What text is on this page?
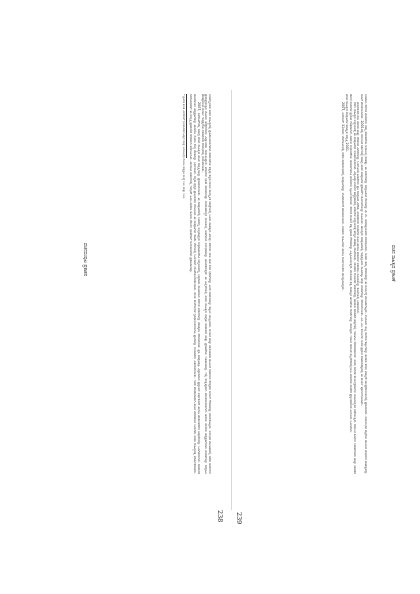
ವಚನಸಂಪುಟ ಪ್ರಕಾಶನ	ಬಸವಣ್ಣನವರ ವಚನ ಸಾಹಿತ್ಯದಲ್ಲಿ ಪ್ರತಿಪಾದಿಸಲಾಗಿರುವ ಸಮಾನತೆಯ ತತ್ವವು ಕನ್ನಡ ನಾಡಿನ ಸಾಂಸ್ಕೃತಿಕ ಚರಿತ್ರೆಯಲ್ಲಿ ಒಂದು ಮಹತ್ವದ ತಿರುವು. ಶರಣರು ಜಾತಿ ಮತ ಲಿಂಗ ಭೇದಗಳನ್ನು ಮೀರಿ ಸಮಾಜವನ್ನು ಕಟ್ಟಲು ಯತ್ನಿಸಿದರು. ಕಾಯಕ ಮತ್ತು ದಾಸೋಹದ ಮೂಲಕ ಸಮಾಜದ ಕೆಳಸ್ತರದ ಜನರಿಗೆ ಗೌರವವನ್ನು ತಂದುಕೊಟ್ಟರು. ಅನುಭವ ಮಂಟಪದಲ್ಲಿ ನಡೆದ ಚರ್ಚೆಗಳು ಪ್ರಜಾಪ್ರಭುತ್ವದ ಮೊದಲ ಹೆಜ್ಜೆಗಳೆಂದು ವಿದ್ವಾಂಸರು ಗುರುತಿಸಿದ್ದಾರೆ. ವಚನಗಳ ಭಾಷೆ ಸರಳವಾಗಿದ್ದು ಜನಸಾಮಾನ್ಯರ ನುಡಿಯಲ್ಲಿ ಅಡಗಿರುವ ಅನುಭವವನ್ನು ಹೊರತರುತ್ತದೆ. ಈ ಹಿನ್ನೆಲೆಯಲ್ಲಿ ವಚನ ಸಾಹಿತ್ಯದ ಸಂಗ್ರಹ ಸಂಪಾದನೆ ಮತ್ತು ಪ್ರಕಟಣೆಯ ಇತಿಹಾಸವನ್ನು ಇಲ್ಲಿ ಸಂಕ್ಷಿಪ್ತವಾಗಿ ಪರಿಚಯಿಸಲಾಗಿದೆ. ಹಳೆಯ ತಾಳೆಗರಿ ಹಸ್ತಪ್ರತಿಗಳಿಂದ ವಚನಗಳನ್ನು ಸಂಗ್ರಹಿಸಿ ಪರಿಷ್ಕರಿಸುವ ಕಾರ್ಯ ಇಪ್ಪತ್ತನೆಯ ಶತಮಾನದ ಆರಂಭದಲ್ಲಿ ಶುರುವಾಯಿತು.

2007, ಡಿಸೆಂಬರ್‌ನಲ್ಲಿ ಸಮಗ್ರ ವಚನ ಸಾಹಿತ್ಯದ ಹೊಸ ಆವೃತ್ತಿಯನ್ನು ಪ್ರಕಟಿಸಲಾಯಿತು. ಈ ಸಂಪುಟಗಳಲ್ಲಿ ಬಸವಣ್ಣ ಅಲ್ಲಮಪ್ರಭು ಅಕ್ಕಮಹಾದೇವಿ ಚನ್ನಬಸವಣ್ಣ ಸಿದ್ಧರಾಮ ಮೊದಲಾದ ಶರಣರ ವಚನಗಳನ್ನು ಪರಿಷ್ಕರಿಸಿ ಸೇರಿಸಲಾಗಿದೆ. ಪ್ರತಿ ಸಂಪುಟಕ್ಕೂ ವಿಸ್ತಾರವಾದ ಪ್ರಸ್ತಾವನೆ ಅರ್ಥಕೋಶ ಹಾಗೂ ಪಾಠಾಂತರಗಳ ಟಿಪ್ಪಣಿಗಳನ್ನು ಒದಗಿಸಲಾಗಿದೆ. ಸಂಪಾದಕ ಮಂಡಳಿಯು ಹಸ್ತಪ್ರತಿಗಳನ್ನು ಹೋಲಿಸಿ ನೋಡಿ ಶುದ್ಧ ಪಾಠವನ್ನು ನಿರ್ಧರಿಸಿತು. ಕನ್ನಡ ಪುಸ್ತಕ ಪ್ರಾಧಿಕಾರದ ನೆರವಿನಿಂದ ಈ ಸಂಪುಟಗಳು ಕಡಿಮೆ ಬೆಲೆಯಲ್ಲಿ ಓದುಗರಿಗೆ ದೊರೆಯುವಂತಾಯಿತು. ಶಾಲಾ ಕಾಲೇಜುಗಳ ಗ್ರಂಥಾಲಯಗಳಿಗೂ ಪ್ರತಿಗಳನ್ನು ಉಚಿತವಾಗಿ ವಿತರಿಸಲಾಯಿತು. ಇದರ ಪರಿಣಾಮವಾಗಿ ಹೊಸ ತಲೆಮಾರಿನ ಓದುಗರು ವಚನ ಸಾಹಿತ್ಯದತ್ತ ಆಕರ್ಷಿತರಾದರು. ಸಂಶೋಧಕರಿಗೆ ಈ ಆವೃತ್ತಿ ಪ್ರಮಾಣಿತ ಆಕರವಾಗಿ ಪರಿಣಮಿಸಿತು. ಮುಂದಿನ ವರ್ಷಗಳಲ್ಲಿ ಇಂಗ್ಲಿಷ್ ಹಿಂದಿ ಮರಾಠಿ ತಮಿಳು ತೆಲುಗು ಭಾಷೆಗಳಿಗೆ ಅನುವಾದಗಳು ಪ್ರಕಟವಾದವು.

* ಪ್ರತಿಗಳ ಕುರಿತ ವಿವರಗಳಿಗೆ (ಸಂಪಾದಕರ ಟಿಪ್ಪಣಿ ಮತ್ತು ಅನುಬಂಧ) ನೋಡಿ; ಹಸ್ತಪ್ರತಿ ಸಂಖ್ಯೆ ೧೨೩ ಮತ್ತು ೧೨೪.

238
ವಚನ ಸಾಹಿತ್ಯದ ಪ್ರಕಟಣೆ

ಬಸವಾದಿ ಶರಣರ ವಚನಗಳು ನಮ್ಮ ಪರಂಪರೆಯ ಅಮೂಲ್ಯ ಸಂಪತ್ತು. ಈ ವಚನಗಳನ್ನು ಸಂಗ್ರಹಿಸುವ ಕೆಲಸವನ್ನು ಫ. ಗು. ಹಳಕಟ್ಟಿಯವರು ಆರಂಭಿಸಿದರು. ಅವರು ತಮ್ಮ ಜೀವನವನ್ನೇ ಈ ಕಾರ್ಯಕ್ಕೆ ಮುಡಿಪಾಗಿಟ್ಟರು. ಊರೂರು ಸುತ್ತಿ ತಾಳೆಗರಿ ಕಟ್ಟುಗಳನ್ನು ಹುಡುಕಿ ತಂದು ತಮ್ಮದೇ ಮುದ್ರಣಾಲಯದಲ್ಲಿ ಪ್ರಕಟಿಸಿದರು. ಶಿವಾನುಭವ ಪತ್ರಿಕೆಯ ಮೂಲಕ ವಚನಗಳ ಮಹತ್ವವನ್ನು ನಾಡಿಗೆ ಪರಿಚಯಿಸಿದರು. 2001ರಲ್ಲಿ ಕರ್ನಾಟಕ ಸರ್ಕಾರವು ಸಮಗ್ರ ವಚನ ಸಂಪುಟಗಳ ಪ್ರಕಟಣೆಗೆ ಯೋಜನೆಯನ್ನು ರೂಪಿಸಿತು. ಹದಿನೈದು ಸಂಪುಟಗಳಲ್ಲಿ ಇಪ್ಪತ್ತೊಂದು ಸಾವಿರಕ್ಕೂ ಹೆಚ್ಚು ವಚನಗಳನ್ನು ಸೇರಿಸಲಾಯಿತು. ಎಂ. ಎಂ. ಕಲಬುರ್ಗಿ ಅವರ ಪ್ರಧಾನ ಸಂಪಾದಕತ್ವದಲ್ಲಿ ಈ ಕಾರ್ಯ ಪೂರ್ಣಗೊಂಡಿತು.

ವಚನಕಾರರ ಕಾಲ ಪರಿಸರ ಮತ್ತು ಜೀವನದ ವಿವರಗಳನ್ನು ಒಳಗೊಂಡ ಪೀಠಿಕೆಗಳು ಪ್ರತಿ ಸಂಪುಟದ ವಿಶೇಷ. ವಚನಕಾರರ ಅಂಕಿತಗಳ ಸೂಚಿ ಹಾಗೂ ವಚನಗಳ ಅಕಾರಾದಿ ಸೂಚಿಯನ್ನು ಕೊನೆಯಲ್ಲಿ ನೀಡಲಾಗಿದೆ.

ಶರಣ ಸಾಹಿತ್ಯದ ಅಧ್ಯಯನಕ್ಕೆ ಈ ಸಂಪುಟಗಳು ಅಡಿಪಾಯವಾಗಿವೆ. ವಿಶ್ವವಿದ್ಯಾಲಯಗಳ ಪಠ್ಯಕ್ರಮದಲ್ಲಿ ವಚನಗಳ ಅಧ್ಯಯನಕ್ಕೆ ಹೆಚ್ಚಿನ ಮಹತ್ವ ದೊರೆಯಿತು. ಜಾನಪದ ಗಾಯಕರು ವಚನಗಳನ್ನು ಹಾಡುವ ಪರಂಪರೆ ಹಳ್ಳಿಗಳಲ್ಲಿ ಇಂದಿಗೂ ಜೀವಂತವಾಗಿದೆ. ವಚನ ಸಂಗೀತ ಕಾರ್ಯಕ್ರಮಗಳು ನಾಡಿನಾದ್ಯಂತ ನಡೆಯುತ್ತಿವೆ. ಆಧುನಿಕ ಕವಿಗಳು ಬರಹಗಾರರು ಮತ್ತು ಚಿಂತಕರ ಮೇಲೆ ವಚನಗಳ ಪ್ರಭಾವ ಗಾಢವಾಗಿದೆ. ಸಮಾಜ ಸುಧಾರಣೆಯ ಚಳವಳಿಗಳಿಗೂ ವಚನಗಳು ಸ್ಫೂರ್ತಿಯಾಗಿವೆ. ಶರಣರ ಕಾಯಕ ತತ್ವ ಶ್ರಮದ ಗೌರವವನ್ನು ಎತ್ತಿಹಿಡಿಯುತ್ತದೆ. ದಾಸೋಹ ತತ್ವ ಸಂಪತ್ತಿನ ಹಂಚಿಕೆಯ ಆದರ್ಶವನ್ನು ಸಾರುತ್ತದೆ. ಇಂದಿನ ಜಾಗತಿಕ ಸನ್ನಿವೇಶದಲ್ಲಿಯೂ ವಚನಗಳ ಸಂದೇಶ ಪ್ರಸ್ತುತವಾಗಿದೆ ಎಂಬುದು ನಿರ್ವಿವಾದ.

ವಚನ ಸಾಹಿತ್ಯದ ಸಂಪುಟಗಳ ಪರಿಷ್ಕೃತ ಆವೃತ್ತಿ 2001.

2007, ಡಿಸೆಂಬರ್ 31ರಂದು ಬೆಂಗಳೂರಿನಲ್ಲಿ ನಡೆದ ಸಮಾರಂಭದಲ್ಲಿ ಸಂಪುಟಗಳನ್ನು ಲೋಕಾರ್ಪಣೆ ಮಾಡಲಾಯಿತು. ಸಚಿವರು ಸಾಹಿತಿಗಳು ಹಾಗೂ ಸಾರ್ವಜನಿಕರು ಪಾಲ್ಗೊಂಡಿದ್ದರು.

239
